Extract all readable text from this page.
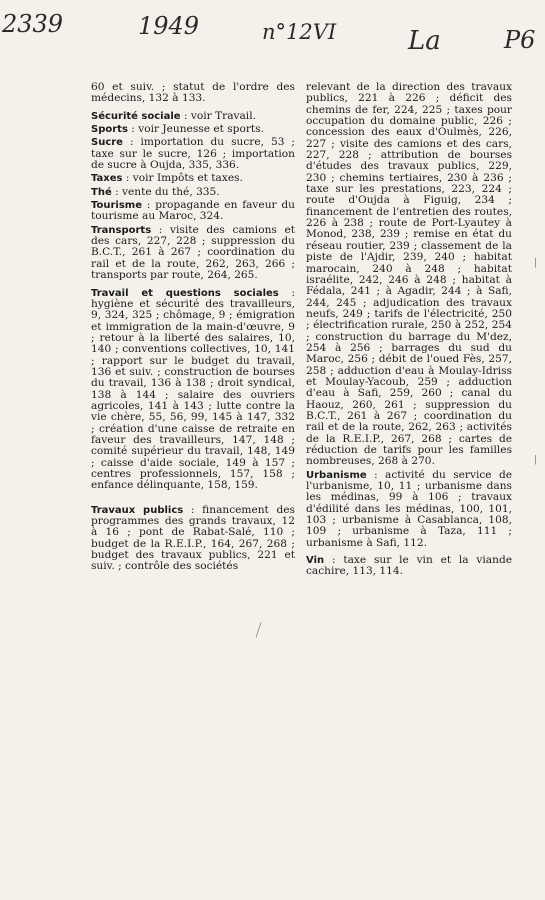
2339	1949	n°12VI	La	P6

60 et suiv. ; statut de l'ordre des médecins, 132 à 133.

Sécurité sociale : voir Travail.

Sports : voir Jeunesse et sports.

Sucre : importation du sucre, 53 ; taxe sur le sucre, 126 ; importation de sucre à Oujda, 335, 336.

Taxes : voir Impôts et taxes.

Thé : vente du thé, 335.

Tourisme : propagande en faveur du tourisme au Maroc, 324.

Transports : visite des camions et des cars, 227, 228 ; suppression du B.C.T., 261 à 267 ; coordination du rail et de la route, 262, 263, 266 ; transports par route, 264, 265.

Travail et questions sociales : hygiène et sécurité des travailleurs, 9, 324, 325 ; chômage, 9 ; émigration et immigration de la main-d'œuvre, 9 ; retour à la liberté des salaires, 10, 140 ; conventions collectives, 10, 141 ; rapport sur le budget du travail, 136 et suiv. ; construction de bourses du travail, 136 à 138 ; droit syndical, 138 à 144 ; salaire des ouvriers agricoles, 141 à 143 ; lutte contre la vie chère, 55, 56, 99, 145 à 147, 332 ; création d'une caisse de retraite en faveur des travailleurs, 147, 148 ; comité supérieur du travail, 148, 149 ; caisse d'aide sociale, 149 à 157 ; centres professionnels, 157, 158 ; enfance délinquante, 158, 159.

Travaux publics : financement des programmes des grands travaux, 12 à 16 ; pont de Rabat-Salé, 110 ; budget de la R.E.I.P., 164, 267, 268 ; budget des travaux publics, 221 et suiv. ; contrôle des sociétés

relevant de la direction des travaux publics, 221 à 226 ; déficit des chemins de fer, 224, 225 ; taxes pour occupation du domaine public, 226 ; concession des eaux d'Oulmès, 226, 227 ; visite des camions et des cars, 227, 228 ; attribution de bourses d'études des travaux publics, 229, 230 ; chemins tertiaires, 230 à 236 ; taxe sur les prestations, 223, 224 ; route d'Oujda à Figuig, 234 ; financement de l'entretien des routes, 226 à 238 ; route de Port-Lyautey à Monod, 238, 239 ; remise en état du réseau routier, 239 ; classement de la piste de l'Ajdir, 239, 240 ; habitat marocain, 240 à 248 ; habitat israélite, 242, 246 à 248 ; habitat à Fédala, 241 ; à Agadir, 244 ; à Safi, 244, 245 ; adjudication des travaux neufs, 249 ; tarifs de l'électricité, 250 ; électrification rurale, 250 à 252, 254 ; construction du barrage du M'dez, 254 à 256 ; barrages du sud du Maroc, 256 ; débit de l'oued Fès, 257, 258 ; adduction d'eau à Moulay-Idriss et Moulay-Yacoub, 259 ; adduction d'eau à Safi, 259, 260 ; canal du Haouz, 260, 261 ; suppression du B.C.T., 261 à 267 ; coordination du rail et de la route, 262, 263 ; activités de la R.E.I.P., 267, 268 ; cartes de réduction de tarifs pour les familles nombreuses, 268 à 270.

Urbanisme : activité du service de l'urbanisme, 10, 11 ; urbanisme dans les médinas, 99 à 106 ; travaux d'édilité dans les médinas, 100, 101, 103 ; urbanisme à Casablanca, 108, 109 ; urbanisme à Taza, 111 ; urbanisme à Safi, 112.

Vin : taxe sur le vin et la viande cachire, 113, 114.

|
|
